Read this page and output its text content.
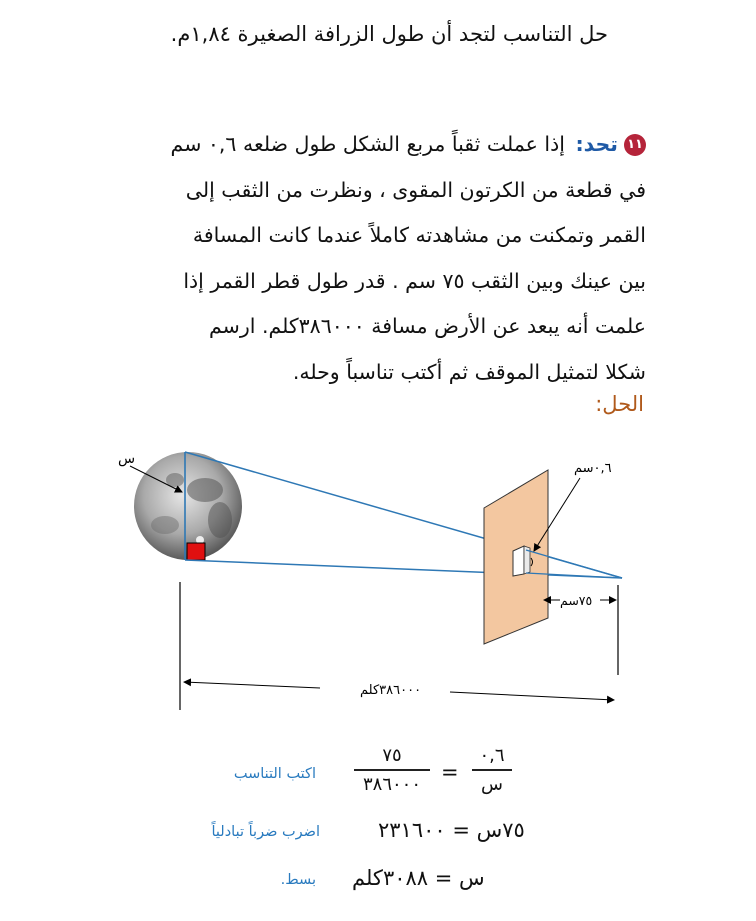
حل التناسب لتجد أن طول الزرافة الصغيرة ١,٨٤م.
١١تحد: إذا عملت ثقباً مربع الشكل طول ضلعه ٠,٦ سم
في قطعة من الكرتون المقوى ، ونظرت من الثقب إلى
القمر وتمكنت من مشاهدته كاملاً عندما كانت المسافة
بين عينك وبين الثقب ٧٥ سم . قدر طول قطر القمر إذا
علمت أنه يبعد عن الأرض مسافة ٣٨٦٠٠٠كلم. ارسم
شكلا لتمثيل الموقف ثم أكتب تناسباً وحله.
الحل:
س
٠,٦سم
٧٥سم
٣٨٦٠٠٠كلم
اكتب التناسب
٧٥
٣٨٦٠٠٠ =
٠,٦
س
اضرب ضرباً تبادلياً	٧٥س = ٢٣١٦٠٠
بسط. س = ٣٠٨٨كلم
